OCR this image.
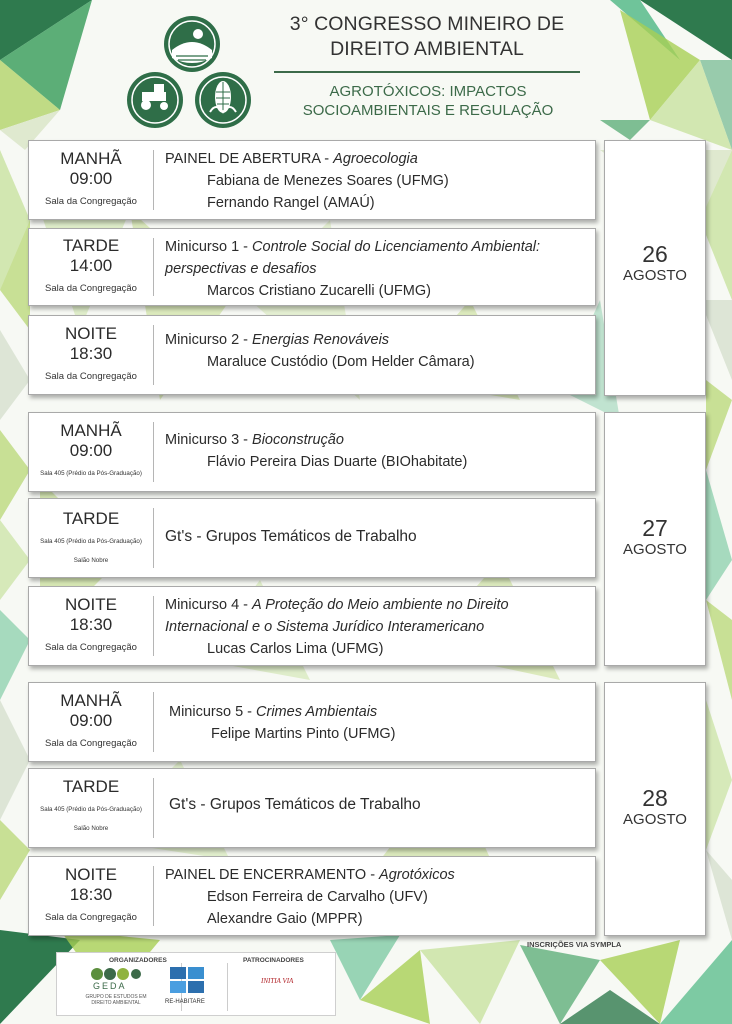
3° CONGRESSO MINEIRO DE
DIREITO AMBIENTAL
AGROTÓXICOS: IMPACTOS
SOCIOAMBIENTAIS E REGULAÇÃO
MANHÃ
09:00
Sala da Congregação
PAINEL DE ABERTURA - Agroecologia
Fabiana de Menezes Soares (UFMG)
Fernando Rangel (AMAÚ)
TARDE
14:00
Sala da Congregação
Minicurso 1 - Controle Social do Licenciamento Ambiental:
perspectivas e desafios
Marcos Cristiano Zucarelli (UFMG)
NOITE
18:30
Sala da Congregação
Minicurso 2 - Energias Renováveis
Maraluce Custódio (Dom Helder Câmara)
26
AGOSTO
MANHÃ
09:00
Sala 405 (Prédio da Pós-Graduação)
Minicurso 3 - Bioconstrução
Flávio Pereira Dias Duarte (BIOhabitate)
TARDE
Sala 405 (Prédio da Pós-Graduação)
Salão Nobre
Gt's - Grupos Temáticos de Trabalho
NOITE
18:30
Sala da Congregação
Minicurso 4 - A Proteção do Meio ambiente no Direito
Internacional e o Sistema Jurídico Interamericano
Lucas Carlos Lima (UFMG)
27
AGOSTO
MANHÃ
09:00
Sala da Congregação
Minicurso 5 - Crimes Ambientais
Felipe Martins Pinto (UFMG)
TARDE
Sala 405 (Prédio da Pós-Graduação)
Salão Nobre
Gt's - Grupos Temáticos de Trabalho
NOITE
18:30
Sala da Congregação
PAINEL DE ENCERRAMENTO - Agrotóxicos
Edson Ferreira de Carvalho (UFV)
Alexandre Gaio (MPPR)
28
AGOSTO
ORGANIZADORES	PATROCINADORES
GEDA
GRUPO DE ESTUDOS EM DIREITO AMBIENTAL	RE-HABITARE
INITIA VIA
INSCRIÇÕES VIA SYMPLA
